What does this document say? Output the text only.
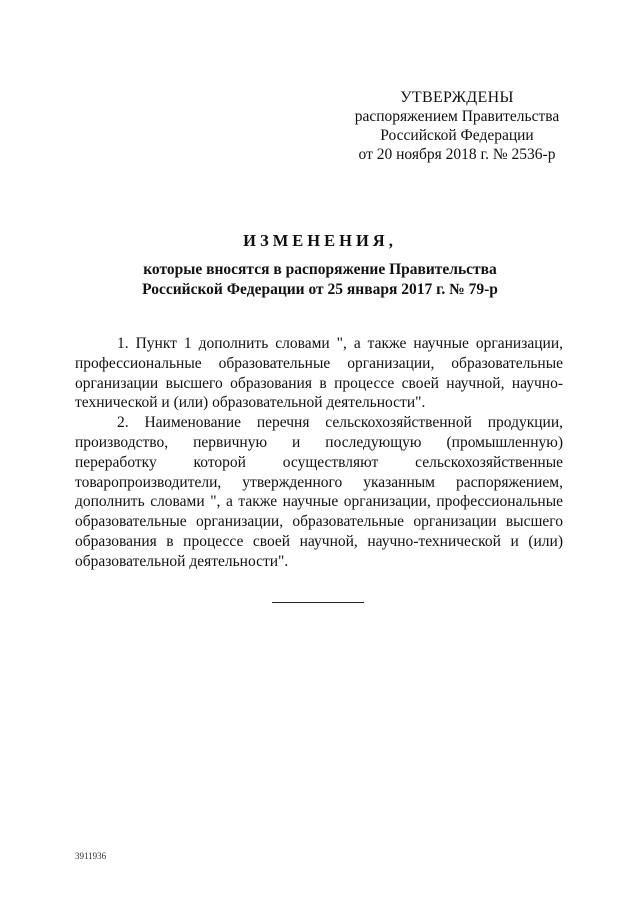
УТВЕРЖДЕНЫ
распоряжением Правительства
Российской Федерации
от 20 ноября 2018 г. № 2536-р
ИЗМЕНЕНИЯ,
которые вносятся в распоряжение Правительства
Российской Федерации от 25 января 2017 г. № 79-р

1. Пункт 1 дополнить словами ", а также научные организации, профессиональные образовательные организации, образовательные организации высшего образования в процессе своей научной, научно-технической и (или) образовательной деятельности".

2. Наименование перечня сельскохозяйственной продукции, производство, первичную и последующую (промышленную) переработку которой осуществляют сельскохозяйственные товаропроизводители, утвержденного указанным распоряжением, дополнить словами ", а также научные организации, профессиональные образовательные организации, образовательные организации высшего образования в процессе своей научной, научно-технической и (или) образовательной деятельности".

3911936
